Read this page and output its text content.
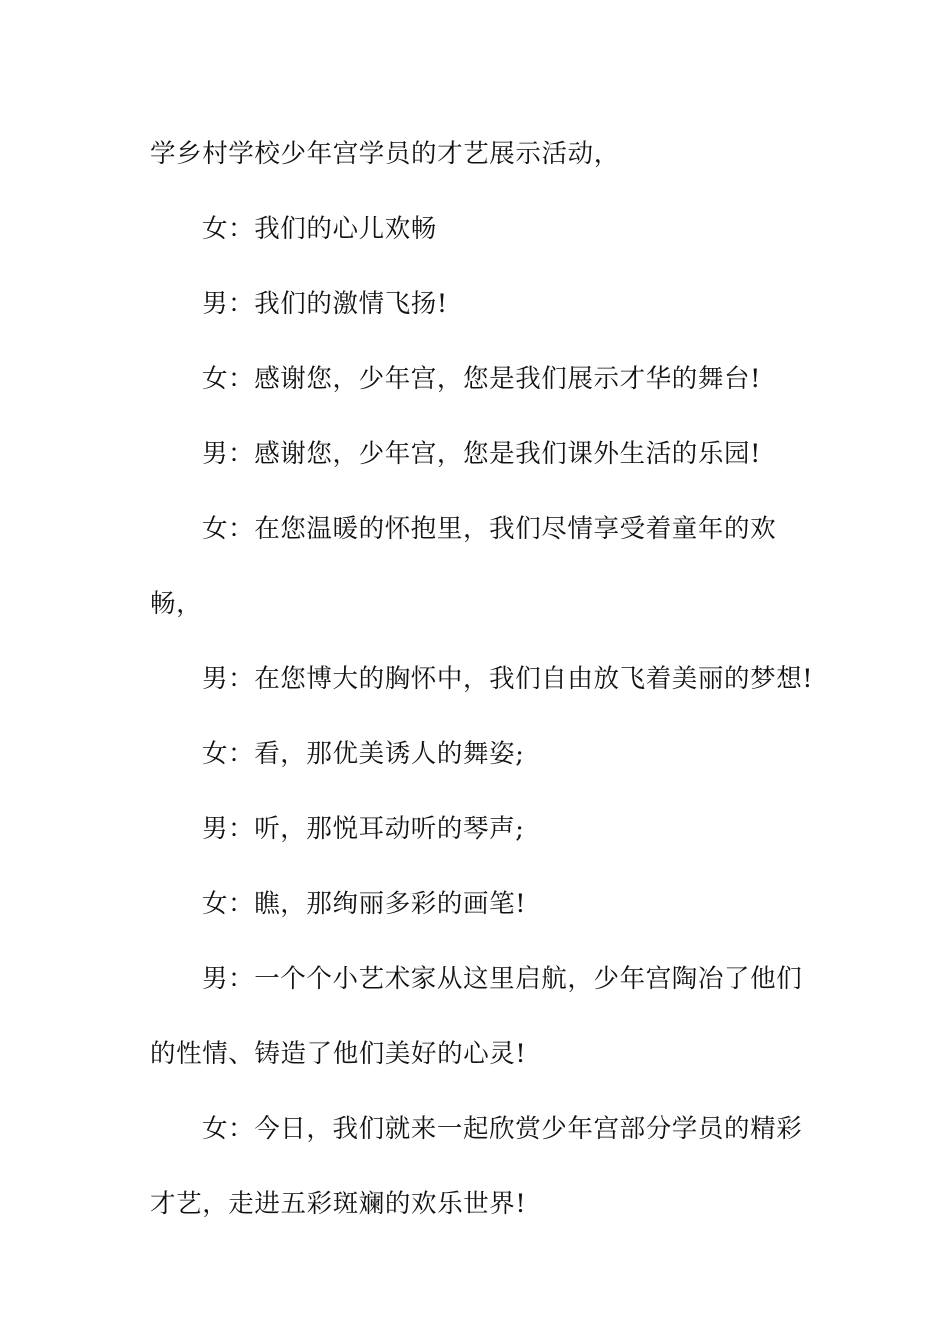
学乡村学校少年宫学员的才艺展示活动，
女：我们的心儿欢畅
男：我们的激情飞扬!
女：感谢您，少年宫，您是我们展示才华的舞台!
男：感谢您，少年宫，您是我们课外生活的乐园!
女：在您温暖的怀抱里，我们尽情享受着童年的欢
畅，
男：在您博大的胸怀中，我们自由放飞着美丽的梦想!
女：看，那优美诱人的舞姿;
男：听，那悦耳动听的琴声;
女：瞧，那绚丽多彩的画笔!
男：一个个小艺术家从这里启航，少年宫陶冶了他们
的性情、铸造了他们美好的心灵!
女：今日，我们就来一起欣赏少年宫部分学员的精彩
才艺，走进五彩斑斓的欢乐世界!
